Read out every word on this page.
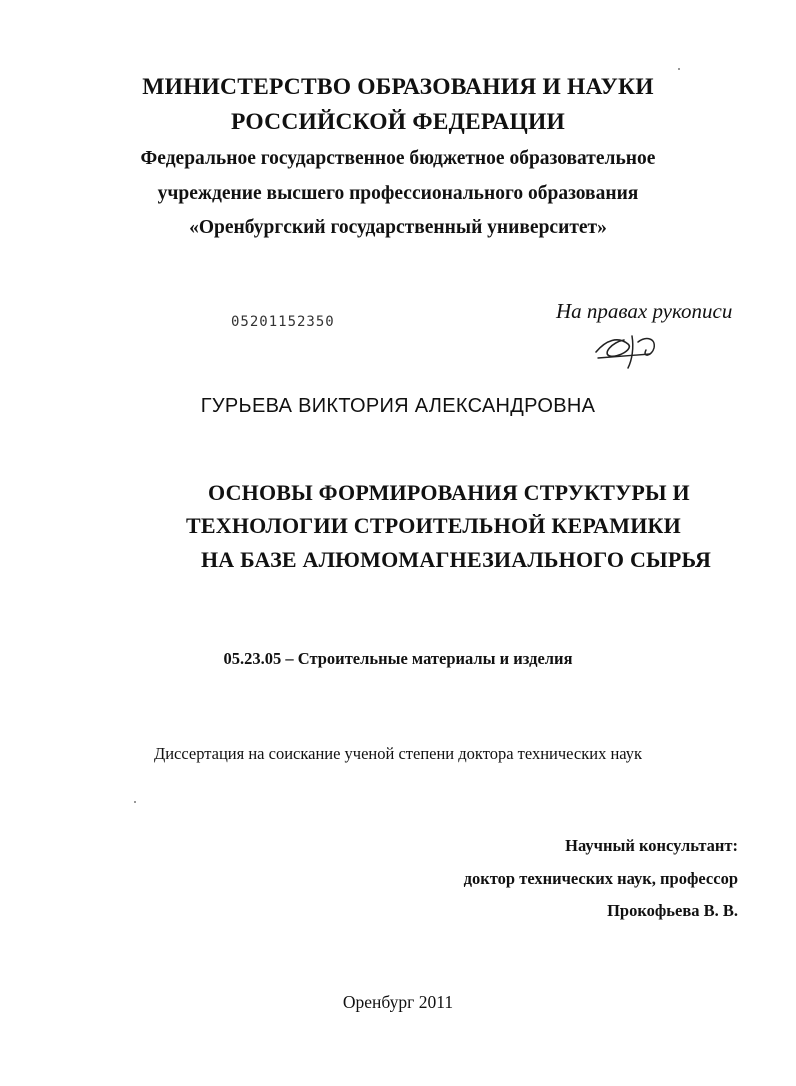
МИНИСТЕРСТВО ОБРАЗОВАНИЯ И НАУКИ
РОССИЙСКОЙ ФЕДЕРАЦИИ
Федеральное государственное бюджетное образовательное
учреждение высшего профессионального образования
«Оренбургский государственный университет»
05201152350	На правах рукописи
ГУРЬЕВА ВИКТОРИЯ АЛЕКСАНДРОВНА
ОСНОВЫ ФОРМИРОВАНИЯ СТРУКТУРЫ И
ТЕХНОЛОГИИ СТРОИТЕЛЬНОЙ КЕРАМИКИ
НА БАЗЕ АЛЮМОМАГНЕЗИАЛЬНОГО СЫРЬЯ
05.23.05 – Строительные материалы и изделия
Диссертация на соискание ученой степени доктора технических наук
Научный консультант:
доктор технических наук, профессор
Прокофьева В. В.
Оренбург 2011
